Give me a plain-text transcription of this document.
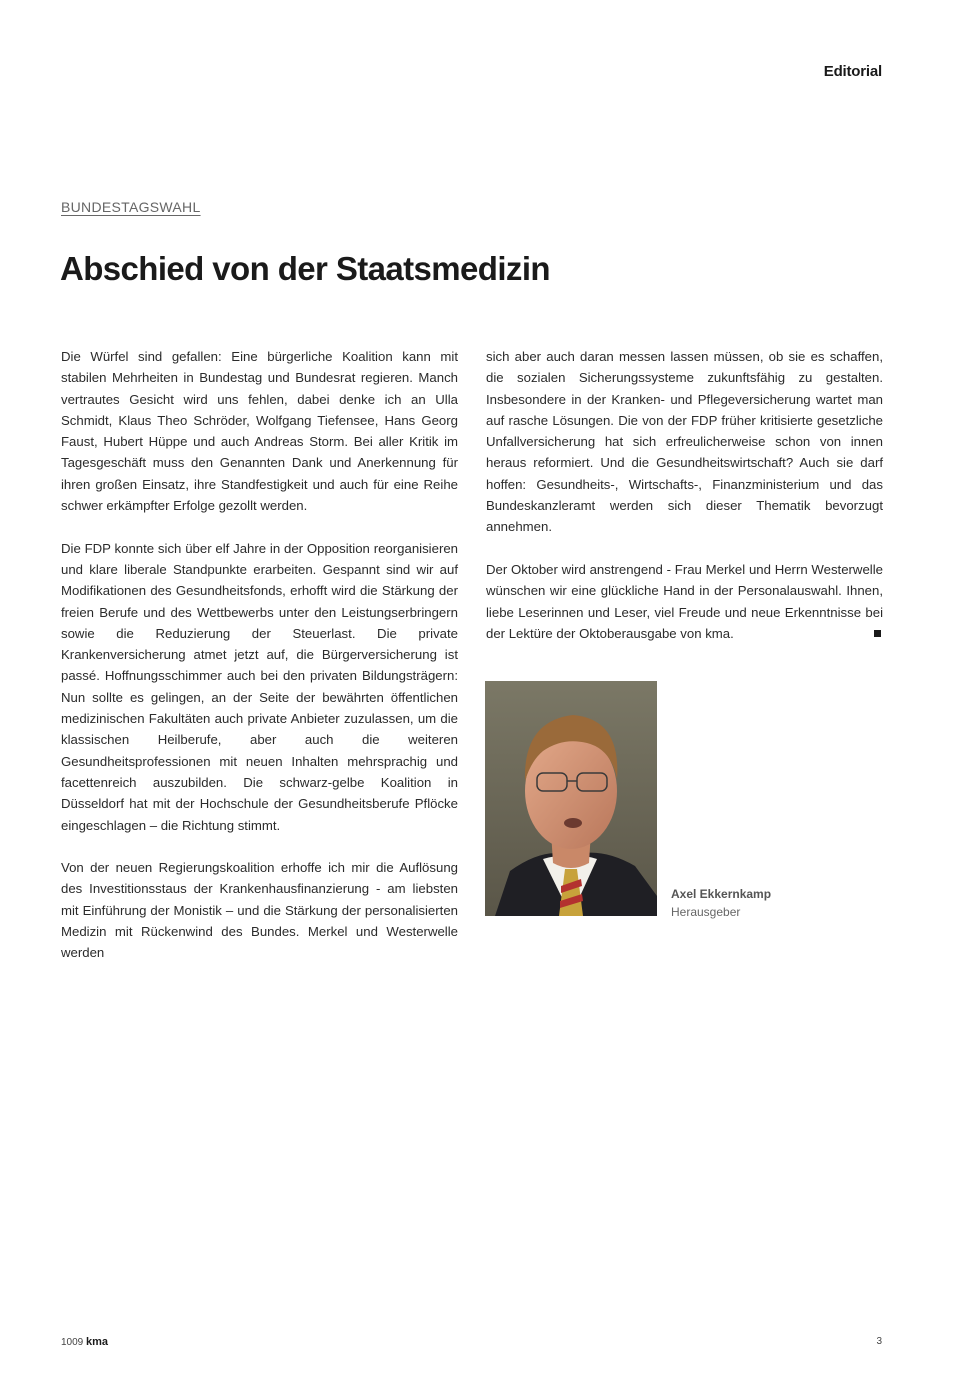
Editorial
BUNDESTAGSWAHL
Abschied von der Staatsmedizin

Die Würfel sind gefallen: Eine bürgerliche Koalition kann mit stabilen Mehrheiten in Bundestag und Bundesrat regieren. Manch vertrautes Gesicht wird uns fehlen, dabei denke ich an Ulla Schmidt, Klaus Theo Schröder, Wolfgang Tiefensee, Hans Georg Faust, Hubert Hüppe und auch Andreas Storm. Bei aller Kritik im Tagesgeschäft muss den Genannten Dank und Anerkennung für ihren großen Einsatz, ihre Standfestigkeit und auch für eine Reihe schwer erkämpfter Erfolge gezollt werden.

Die FDP konnte sich über elf Jahre in der Opposition reorganisieren und klare liberale Standpunkte erarbeiten. Gespannt sind wir auf Modifikationen des Gesundheitsfonds, erhofft wird die Stärkung der freien Berufe und des Wettbewerbs unter den Leistungserbringern sowie die Reduzierung der Steuerlast. Die private Krankenversicherung atmet jetzt auf, die Bürgerversicherung ist passé. Hoffnungsschimmer auch bei den privaten Bildungsträgern: Nun sollte es gelingen, an der Seite der bewährten öffentlichen medizinischen Fakultäten auch private Anbieter zuzulassen, um die klassischen Heilberufe, aber auch die weiteren Gesundheitsprofessionen mit neuen Inhalten mehrsprachig und facettenreich auszubilden. Die schwarz-gelbe Koalition in Düsseldorf hat mit der Hochschule der Gesundheitsberufe Pflöcke eingeschlagen – die Richtung stimmt.

Von der neuen Regierungskoalition erhoffe ich mir die Auflösung des Investitionsstaus der Krankenhausfinanzierung - am liebsten mit Einführung der Monistik – und die Stärkung der personalisierten Medizin mit Rückenwind des Bundes. Merkel und Westerwelle werden

sich aber auch daran messen lassen müssen, ob sie es schaffen, die sozialen Sicherungssysteme zukunftsfähig zu gestalten. Insbesondere in der Kranken- und Pflegeversicherung wartet man auf rasche Lösungen. Die von der FDP früher kritisierte gesetzliche Unfallversicherung hat sich erfreulicherweise schon von innen heraus reformiert. Und die Gesundheitswirtschaft? Auch sie darf hoffen: Gesundheits-, Wirtschafts-, Finanzministerium und das Bundeskanzleramt werden sich dieser Thematik bevorzugt annehmen.

Der Oktober wird anstrengend - Frau Merkel und Herrn Westerwelle wünschen wir eine glückliche Hand in der Personalauswahl. Ihnen, liebe Leserinnen und Leser, viel Freude und neue Erkenntnisse bei der Lektüre der Oktoberausgabe von kma.

Axel Ekkernkamp
Herausgeber
1009 kma	3
